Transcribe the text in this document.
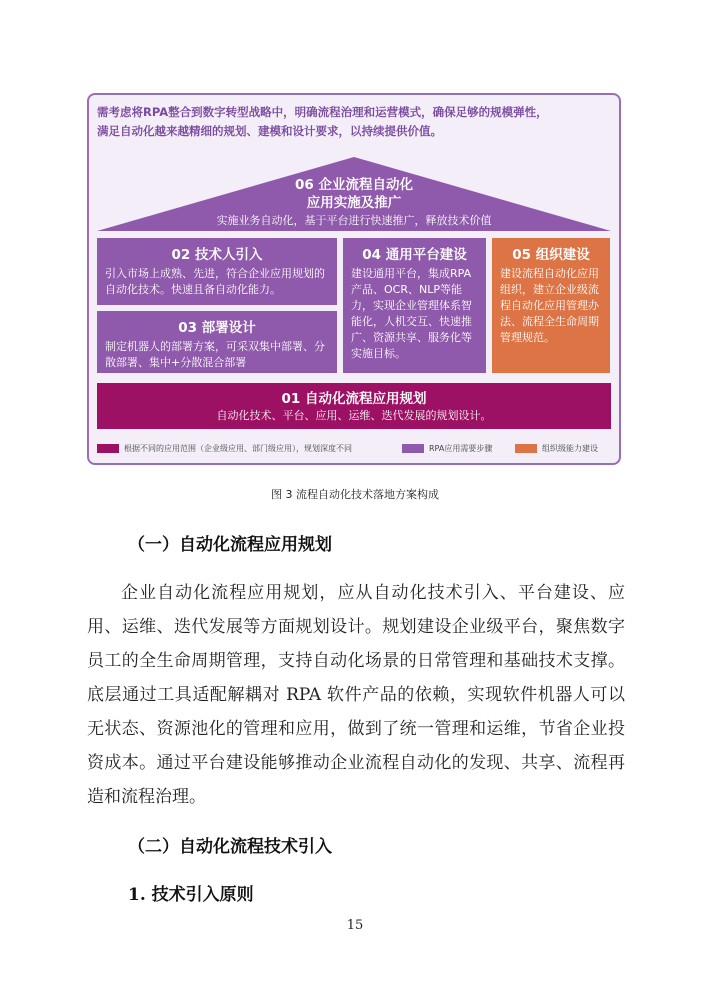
需考虑将RPA整合到数字转型战略中，明确流程治理和运营模式，确保足够的规模弹性，
满足自动化越来越精细的规划、建模和设计要求，以持续提供价值。
06 企业流程自动化
应用实施及推广
实施业务自动化，基于平台进行快速推广，释放技术价值
02 技术人引入
引入市场上成熟、先进，符合企业应用规划的自动化技术。快速且备自动化能力。
03 部署设计
制定机器人的部署方案，可采双集中部署、分散部署、集中+分散混合部署
04 通用平台建设
建设通用平台，集成RPA产品、OCR、NLP等能力，实现企业管理体系智能化，人机交互、快速推广、资源共享、服务化等实施目标。
05 组织建设
建设流程自动化应用组织，建立企业级流程自动化应用管理办法、流程全生命周期管理规范。
01 自动化流程应用规划
自动化技术、平台、应用、运维、迭代发展的规划设计。
根据不同的应用范围（企业级应用、部门级应用），规划深度不同	RPA应用需要步骤	组织级能力建设
图 3 流程自动化技术落地方案构成
（一）自动化流程应用规划
企业自动化流程应用规划，应从自动化技术引入、平台建设、应用、运维、迭代发展等方面规划设计。规划建设企业级平台，聚焦数字员工的全生命周期管理，支持自动化场景的日常管理和基础技术支撑。底层通过工具适配解耦对 RPA 软件产品的依赖，实现软件机器人可以无状态、资源池化的管理和应用，做到了统一管理和运维，节省企业投资成本。通过平台建设能够推动企业流程自动化的发现、共享、流程再造和流程治理。
（二）自动化流程技术引入
1. 技术引入原则
15
